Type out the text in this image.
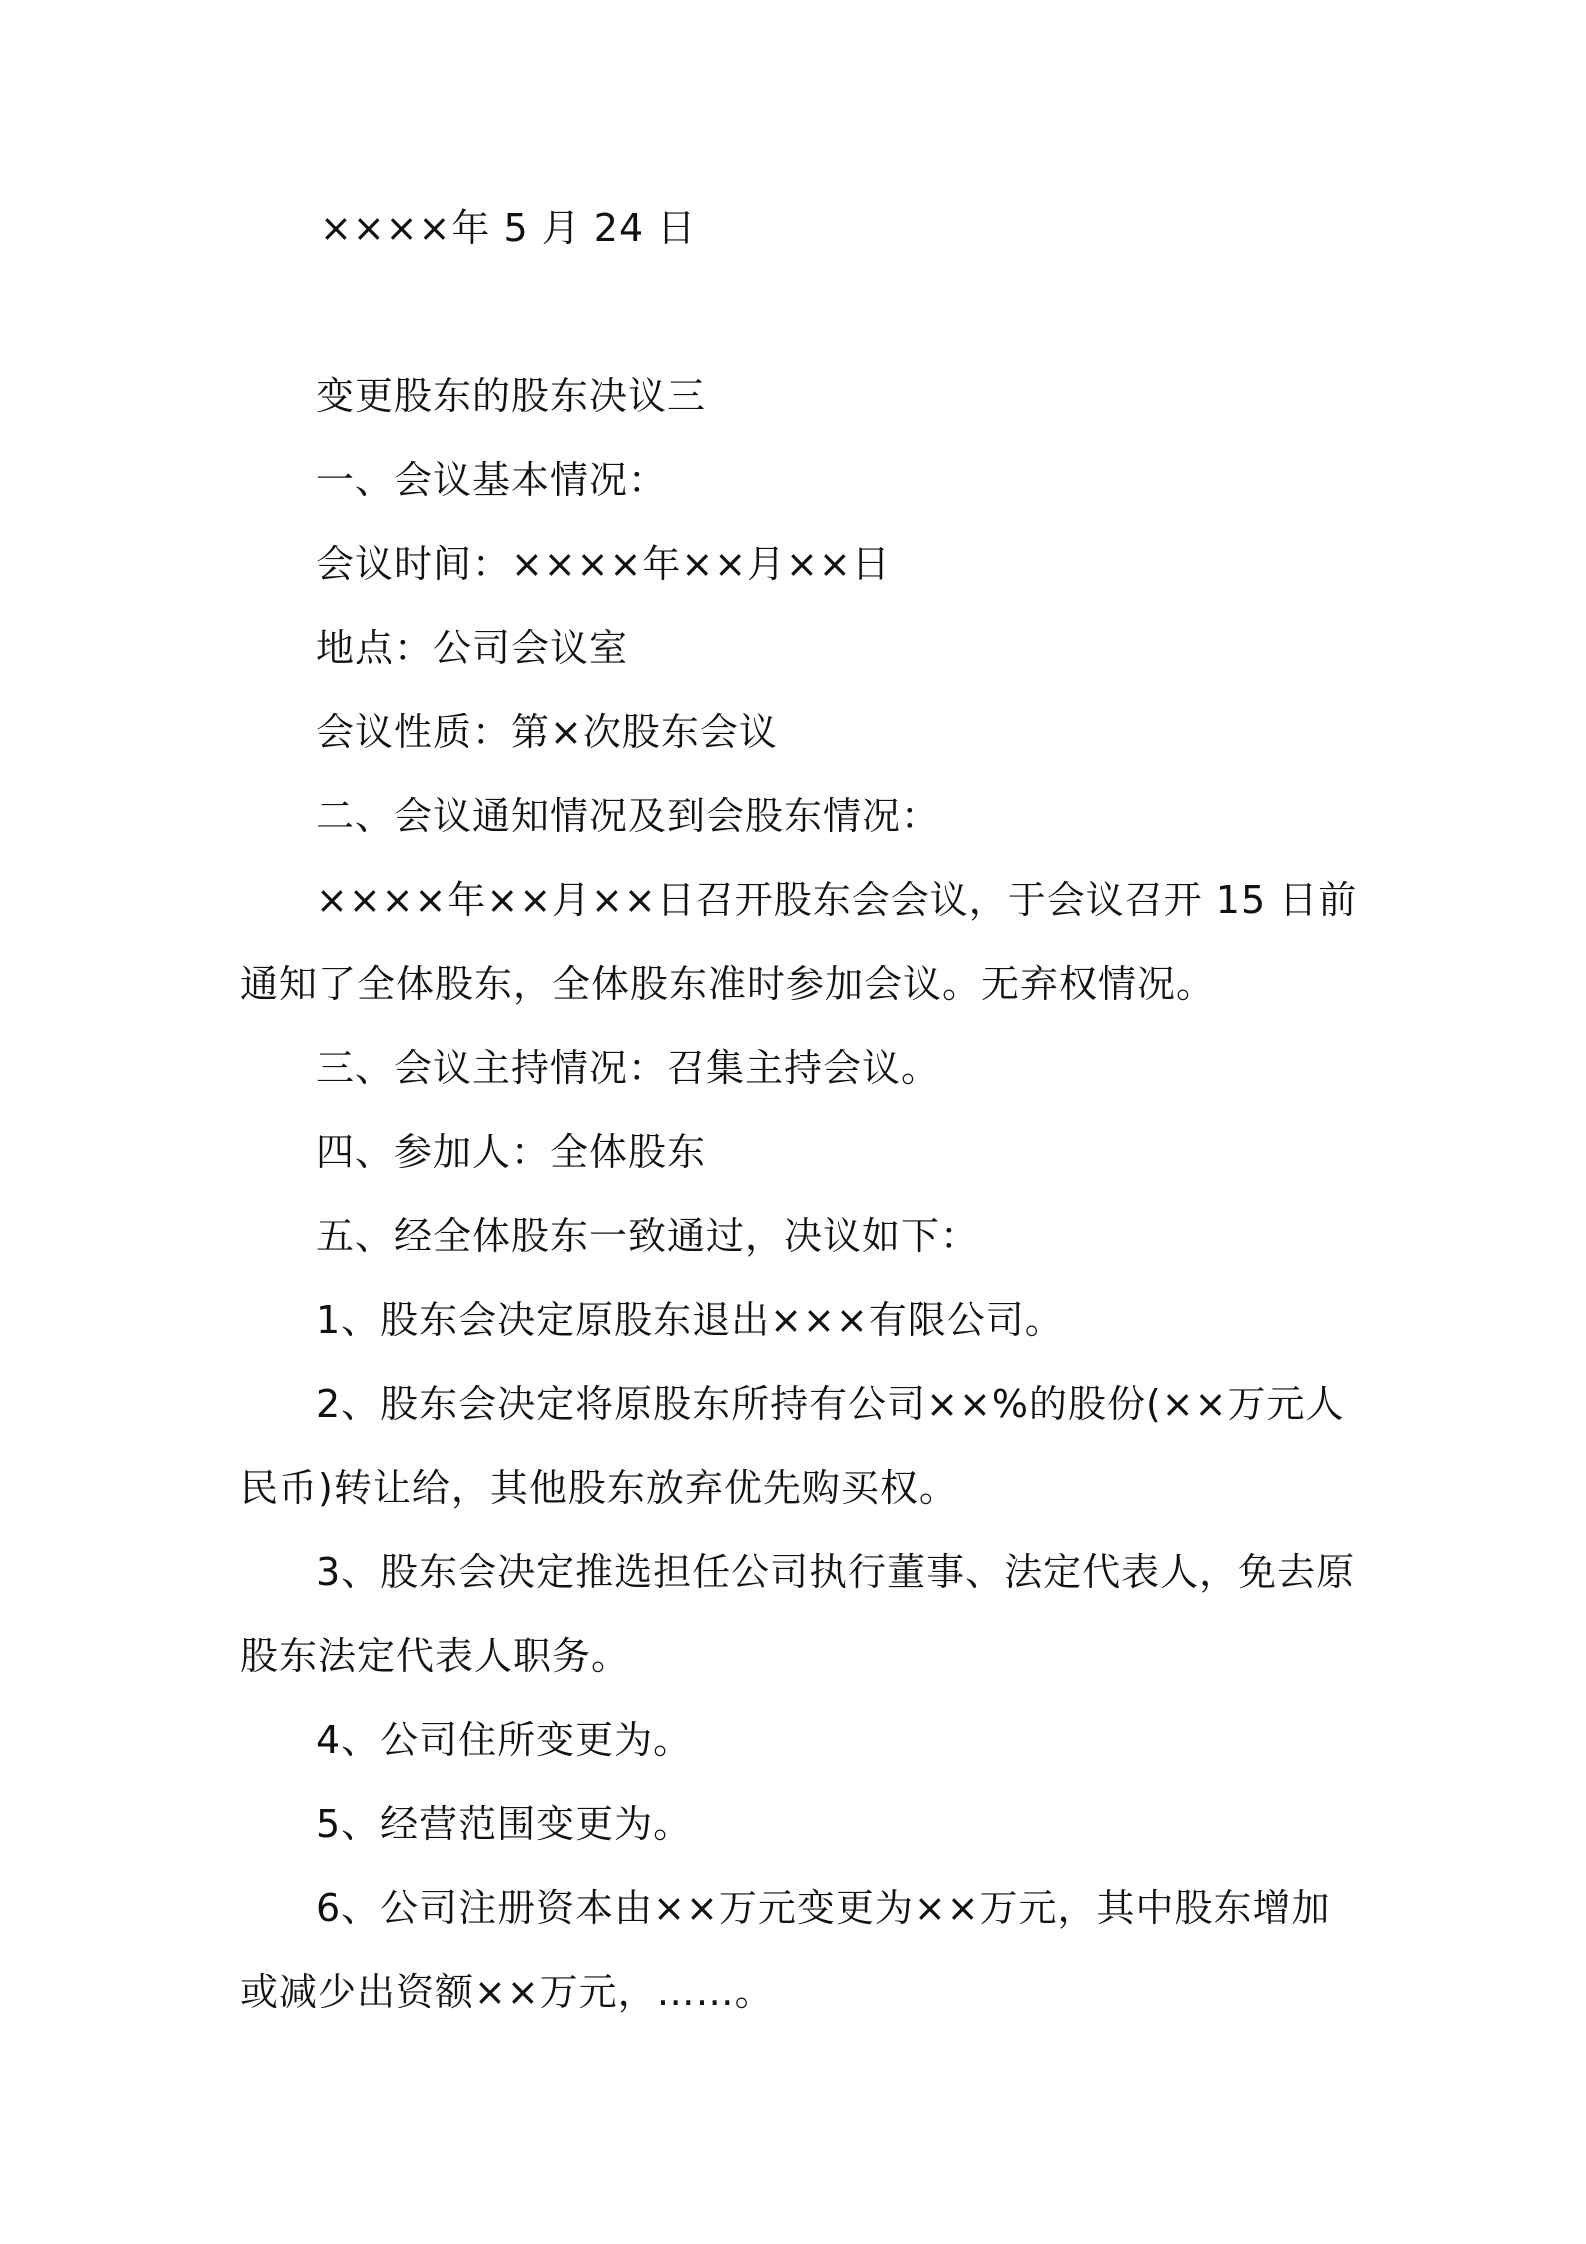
××××年 5 月 24 日

变更股东的股东决议三

一、会议基本情况：

会议时间：××××年××月××日

地点：公司会议室

会议性质：第×次股东会议

二、会议通知情况及到会股东情况：

××××年××月××日召开股东会会议，于会议召开 15 日前通知了全体股东，全体股东准时参加会议。无弃权情况。

三、会议主持情况：召集主持会议。

四、参加人：全体股东

五、经全体股东一致通过，决议如下：

1、股东会决定原股东退出×××有限公司。

2、股东会决定将原股东所持有公司××%的股份(××万元人民币)转让给，其他股东放弃优先购买权。

3、股东会决定推选担任公司执行董事、法定代表人，免去原股东法定代表人职务。

4、公司住所变更为。

5、经营范围变更为。

6、公司注册资本由××万元变更为××万元，其中股东增加或减少出资额××万元，……。
